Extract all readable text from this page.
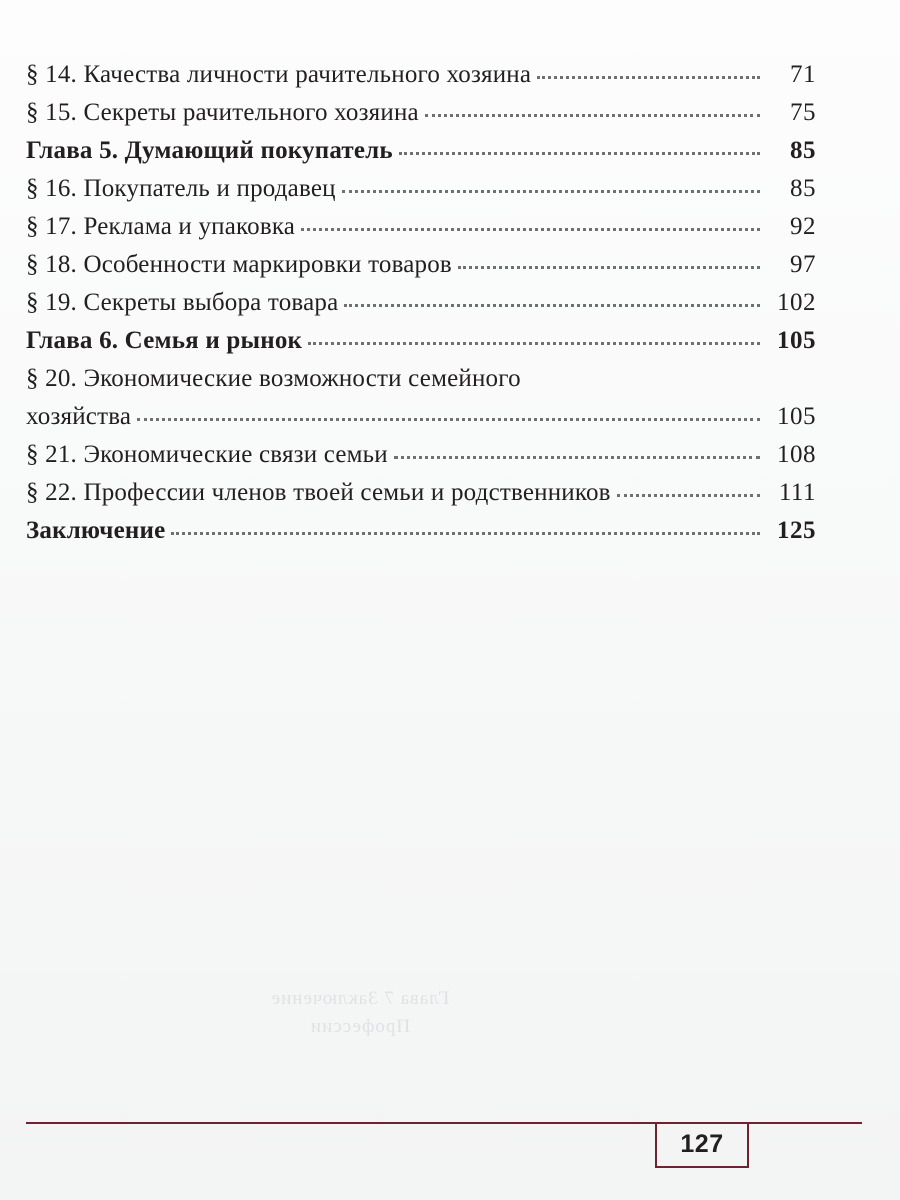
§ 14. Качества личности рачительного хозяина	71
§ 15. Секреты рачительного хозяина	75
Глава 5. Думающий покупатель	85
§ 16. Покупатель и продавец	85
§ 17. Реклама и упаковка	92
§ 18. Особенности маркировки товаров	97
§ 19. Секреты выбора товара	102
Глава 6. Семья и рынок	105
§ 20. Экономические возможности семейного
хозяйства	105
§ 21. Экономические связи семьи	108
§ 22. Профессии членов твоей семьи и родственников	111
Заключение	125
Глава 7 Заключение Профессии
127
